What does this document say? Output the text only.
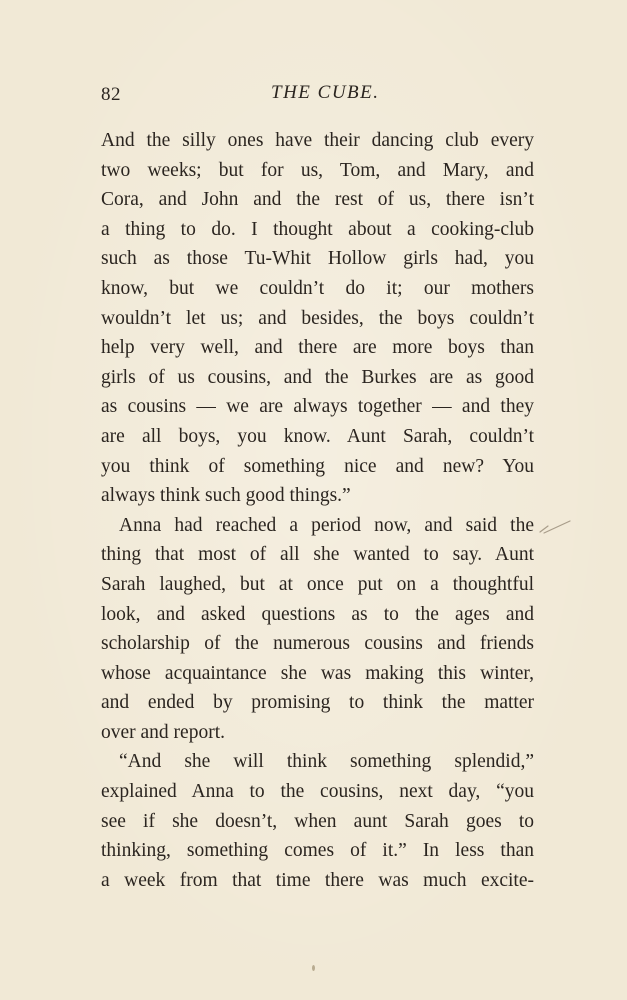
82	THE CUBE.
And the silly ones have their dancing club every
two weeks; but for us, Tom, and Mary, and
Cora, and John and the rest of us, there isn’t
a thing to do. I thought about a cooking-club
such as those Tu-Whit Hollow girls had, you
know, but we couldn’t do it; our mothers
wouldn’t let us; and besides, the boys couldn’t
help very well, and there are more boys than
girls of us cousins, and the Burkes are as good
as cousins — we are always together — and they
are all boys, you know. Aunt Sarah, couldn’t
you think of something nice and new? You
always think such good things.”
Anna had reached a period now, and said the
thing that most of all she wanted to say. Aunt
Sarah laughed, but at once put on a thoughtful
look, and asked questions as to the ages and
scholarship of the numerous cousins and friends
whose acquaintance she was making this winter,
and ended by promising to think the matter
over and report.
“And she will think something splendid,”
explained Anna to the cousins, next day, “you
see if she doesn’t, when aunt Sarah goes to
thinking, something comes of it.” In less than
a week from that time there was much excite-
